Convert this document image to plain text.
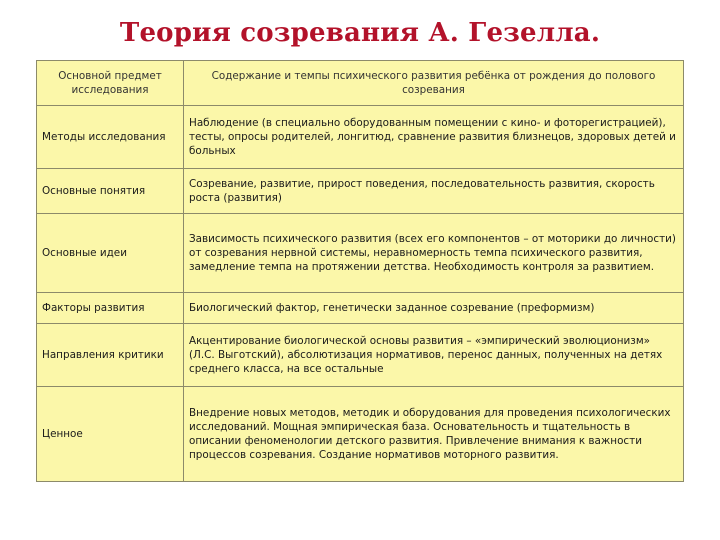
Теория созревания А. Гезелла.
Основной предмет исследования	Содержание и темпы психического развития ребёнка от рождения до полового созревания
Методы исследования	Наблюдение (в специально оборудованным помещении с кино- и фоторегистрацией), тесты, опросы родителей, лонгитюд, сравнение развития близнецов, здоровых детей и больных
Основные понятия	Созревание, развитие, прирост поведения, последовательность развития, скорость роста (развития)
Основные идеи	Зависимость психического развития (всех его компонентов – от моторики до личности) от созревания нервной системы, неравномерность темпа психического развития, замедление темпа на протяжении детства. Необходимость контроля за развитием.
Факторы развития	Биологический фактор, генетически заданное созревание (преформизм)
Направления критики	Акцентирование биологической основы развития – «эмпирический эволюционизм» (Л.С. Выготский), абсолютизация нормативов, перенос данных, полученных на детях среднего класса, на все остальные
Ценное	Внедрение новых методов, методик и оборудования для проведения психологических исследований. Мощная эмпирическая база. Основательность и тщательность в описании феноменологии детского развития. Привлечение внимания к важности процессов созревания. Создание нормативов моторного развития.
